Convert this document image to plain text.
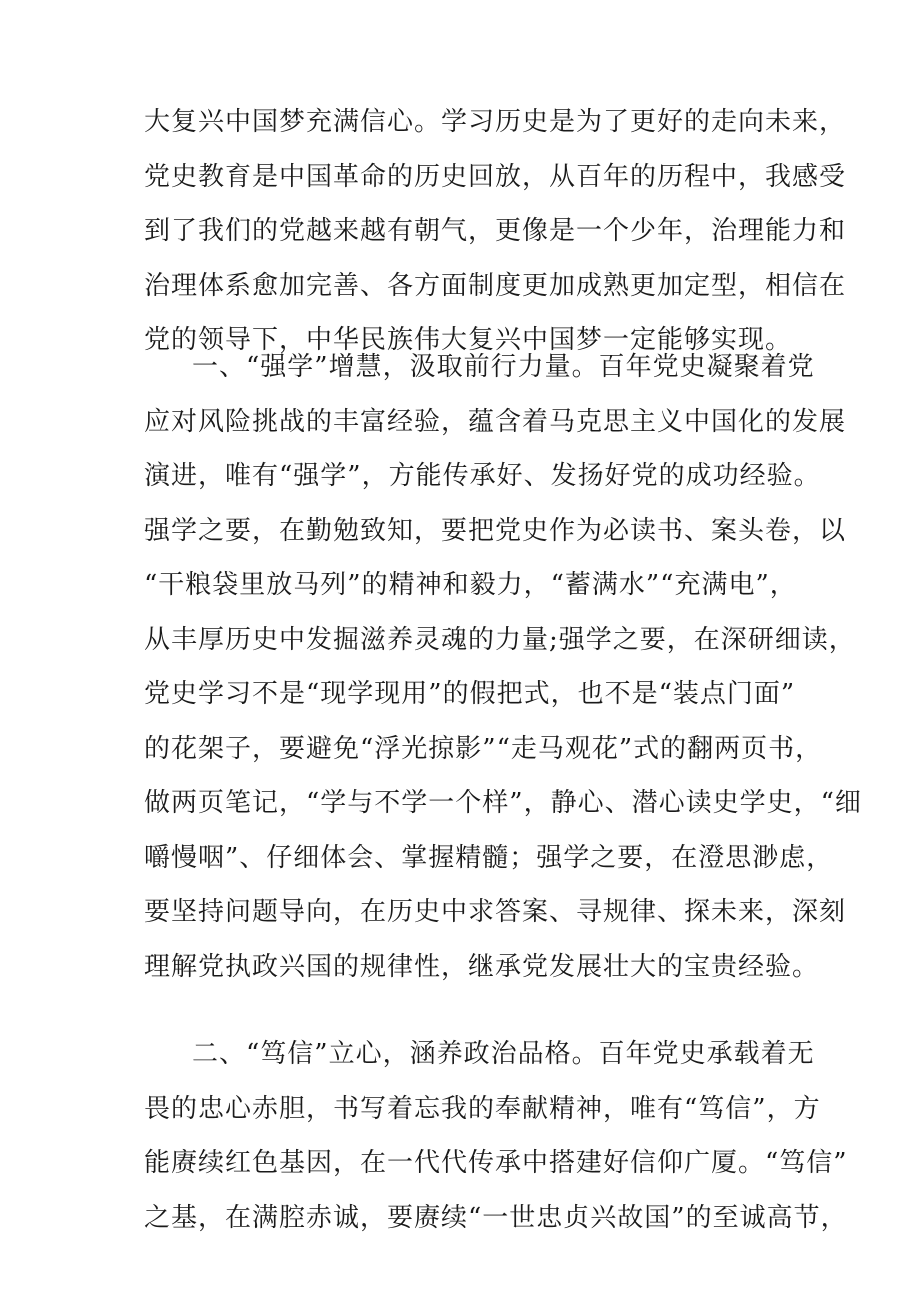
大复兴中国梦充满信心。学习历史是为了更好的走向未来，
党史教育是中国革命的历史回放，从百年的历程中，我感受
到了我们的党越来越有朝气，更像是一个少年，治理能力和
治理体系愈加完善、各方面制度更加成熟更加定型，相信在
党的领导下，中华民族伟大复兴中国梦一定能够实现。
一、“强学”增慧，汲取前行力量。百年党史凝聚着党
应对风险挑战的丰富经验，蕴含着马克思主义中国化的发展
演进，唯有“强学”，方能传承好、发扬好党的成功经验。
强学之要，在勤勉致知，要把党史作为必读书、案头卷，以
“干粮袋里放马列”的精神和毅力，“蓄满水”“充满电”，
从丰厚历史中发掘滋养灵魂的力量;强学之要，在深研细读，
党史学习不是“现学现用”的假把式，也不是“装点门面”
的花架子，要避免“浮光掠影”“走马观花”式的翻两页书，
做两页笔记，“学与不学一个样”，静心、潜心读史学史，“细
嚼慢咽”、仔细体会、掌握精髓；强学之要，在澄思渺虑，
要坚持问题导向，在历史中求答案、寻规律、探未来，深刻
理解党执政兴国的规律性，继承党发展壮大的宝贵经验。
二、“笃信”立心，涵养政治品格。百年党史承载着无
畏的忠心赤胆，书写着忘我的奉献精神，唯有“笃信”，方
能赓续红色基因，在一代代传承中搭建好信仰广厦。“笃信”
之基，在满腔赤诚，要赓续“一世忠贞兴故国”的至诚高节，
